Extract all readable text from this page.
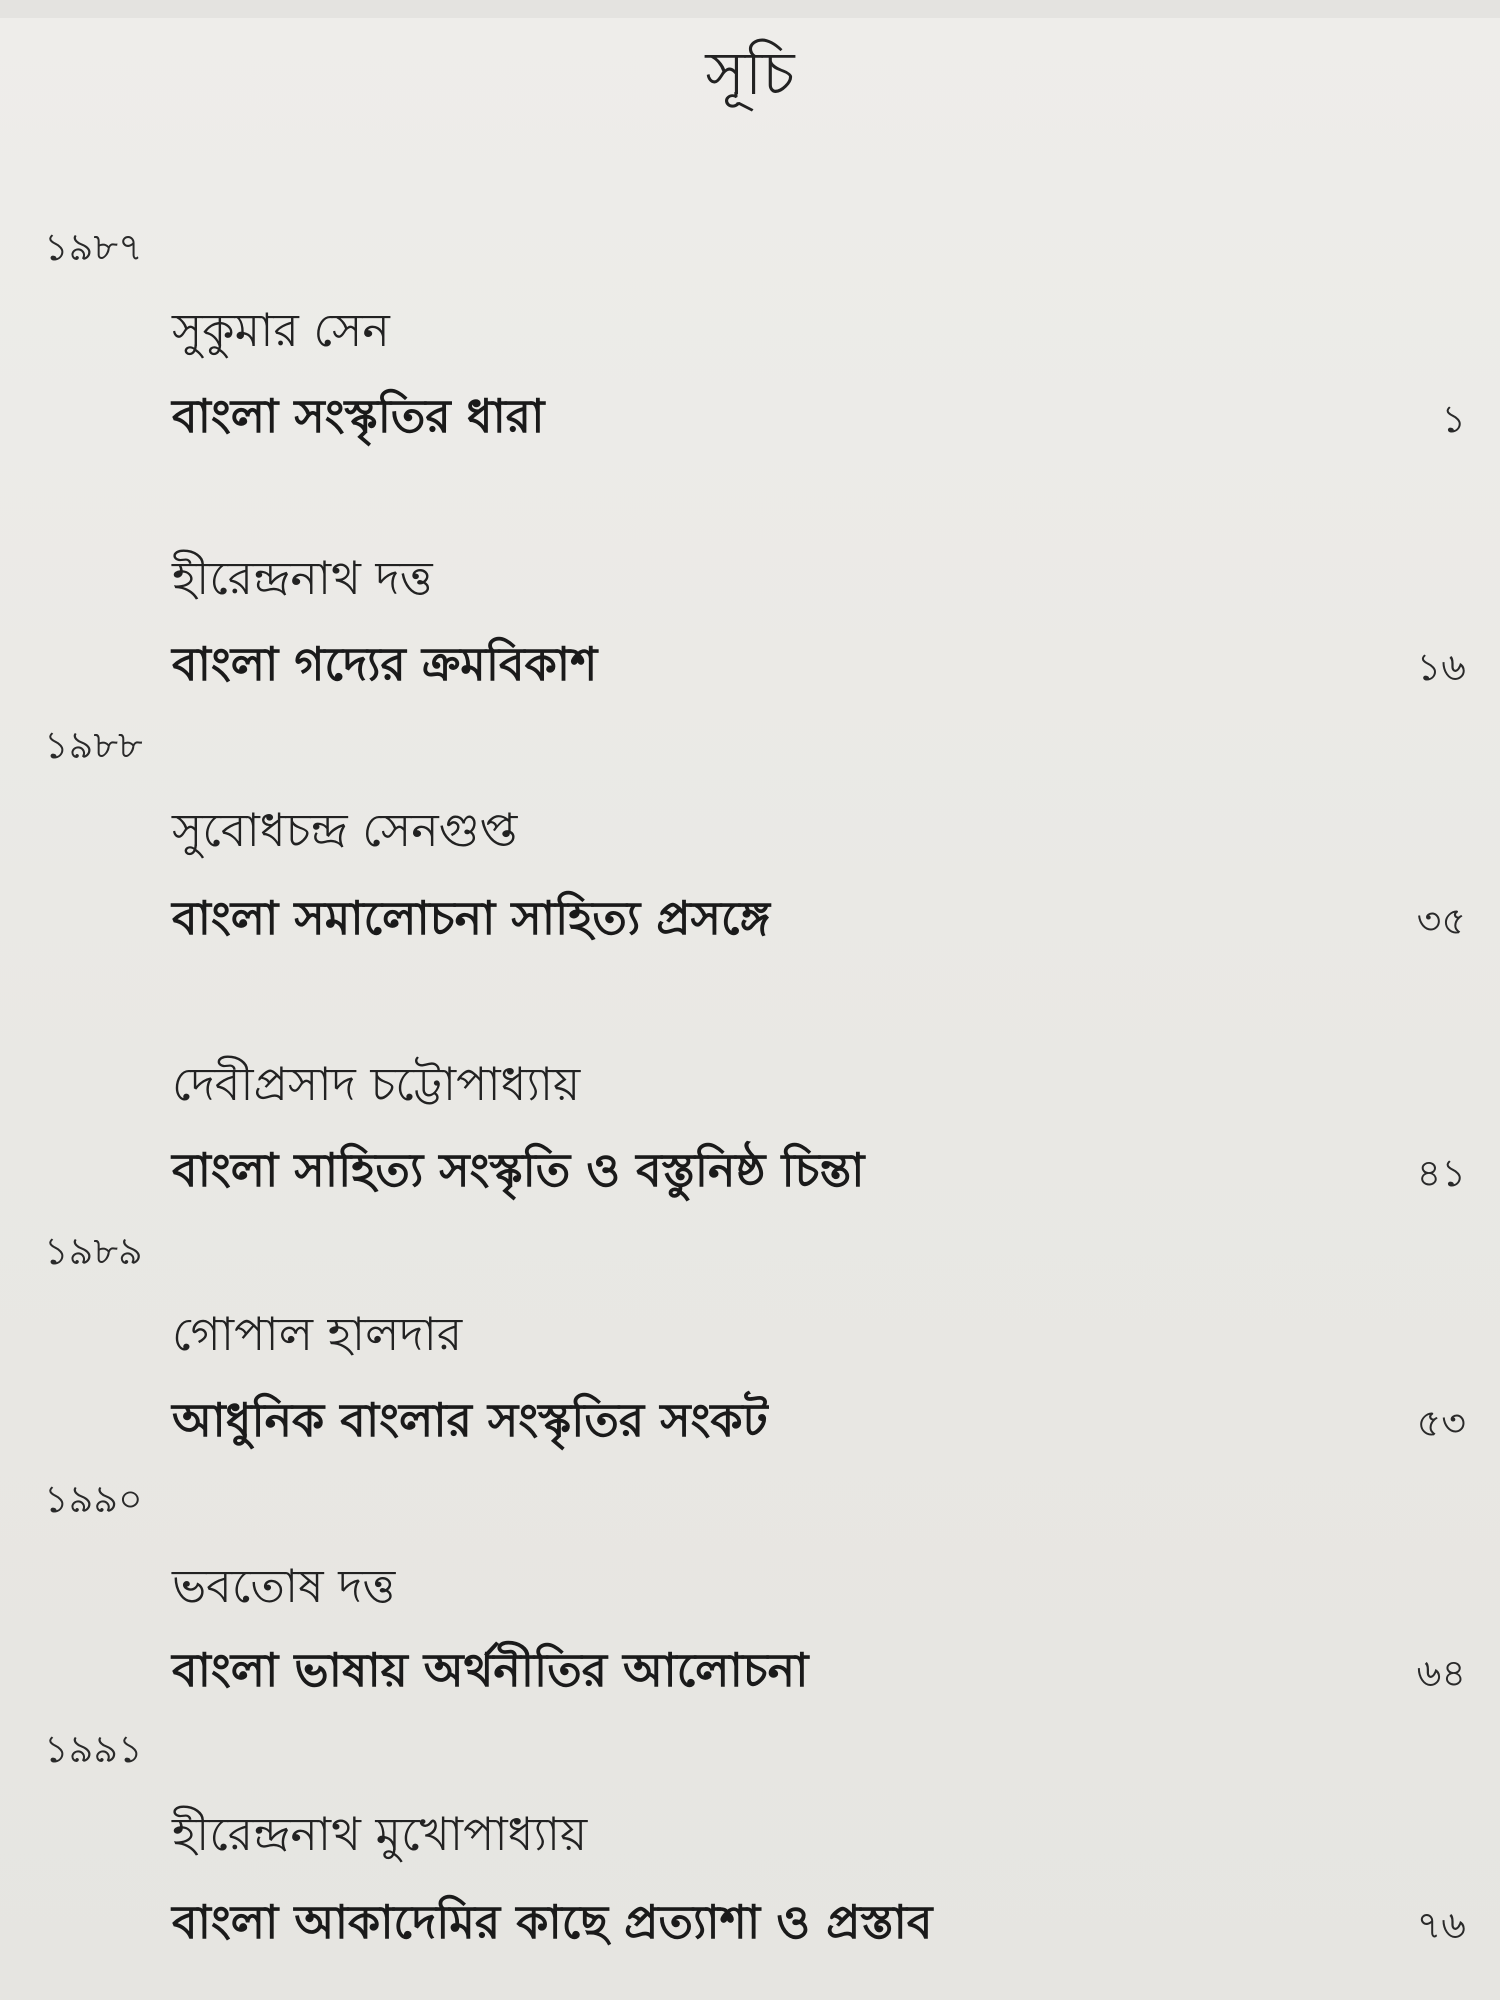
সূচি
১৯৮৭
সুকুমার সেন
বাংলা সংস্কৃতির ধারা	১
হীরেন্দ্রনাথ দত্ত
বাংলা গদ্যের ক্রমবিকাশ	১৬
১৯৮৮
সুবোধচন্দ্র সেনগুপ্ত
বাংলা সমালোচনা সাহিত্য প্রসঙ্গে	৩৫
দেবীপ্রসাদ চট্টোপাধ্যায়
বাংলা সাহিত্য সংস্কৃতি ও বস্তুনিষ্ঠ চিন্তা	৪১
১৯৮৯
গোপাল হালদার
আধুনিক বাংলার সংস্কৃতির সংকট	৫৩
১৯৯০
ভবতোষ দত্ত
বাংলা ভাষায় অর্থনীতির আলোচনা	৬৪
১৯৯১
হীরেন্দ্রনাথ মুখোপাধ্যায়
বাংলা আকাদেমির কাছে প্রত্যাশা ও প্রস্তাব	৭৬
